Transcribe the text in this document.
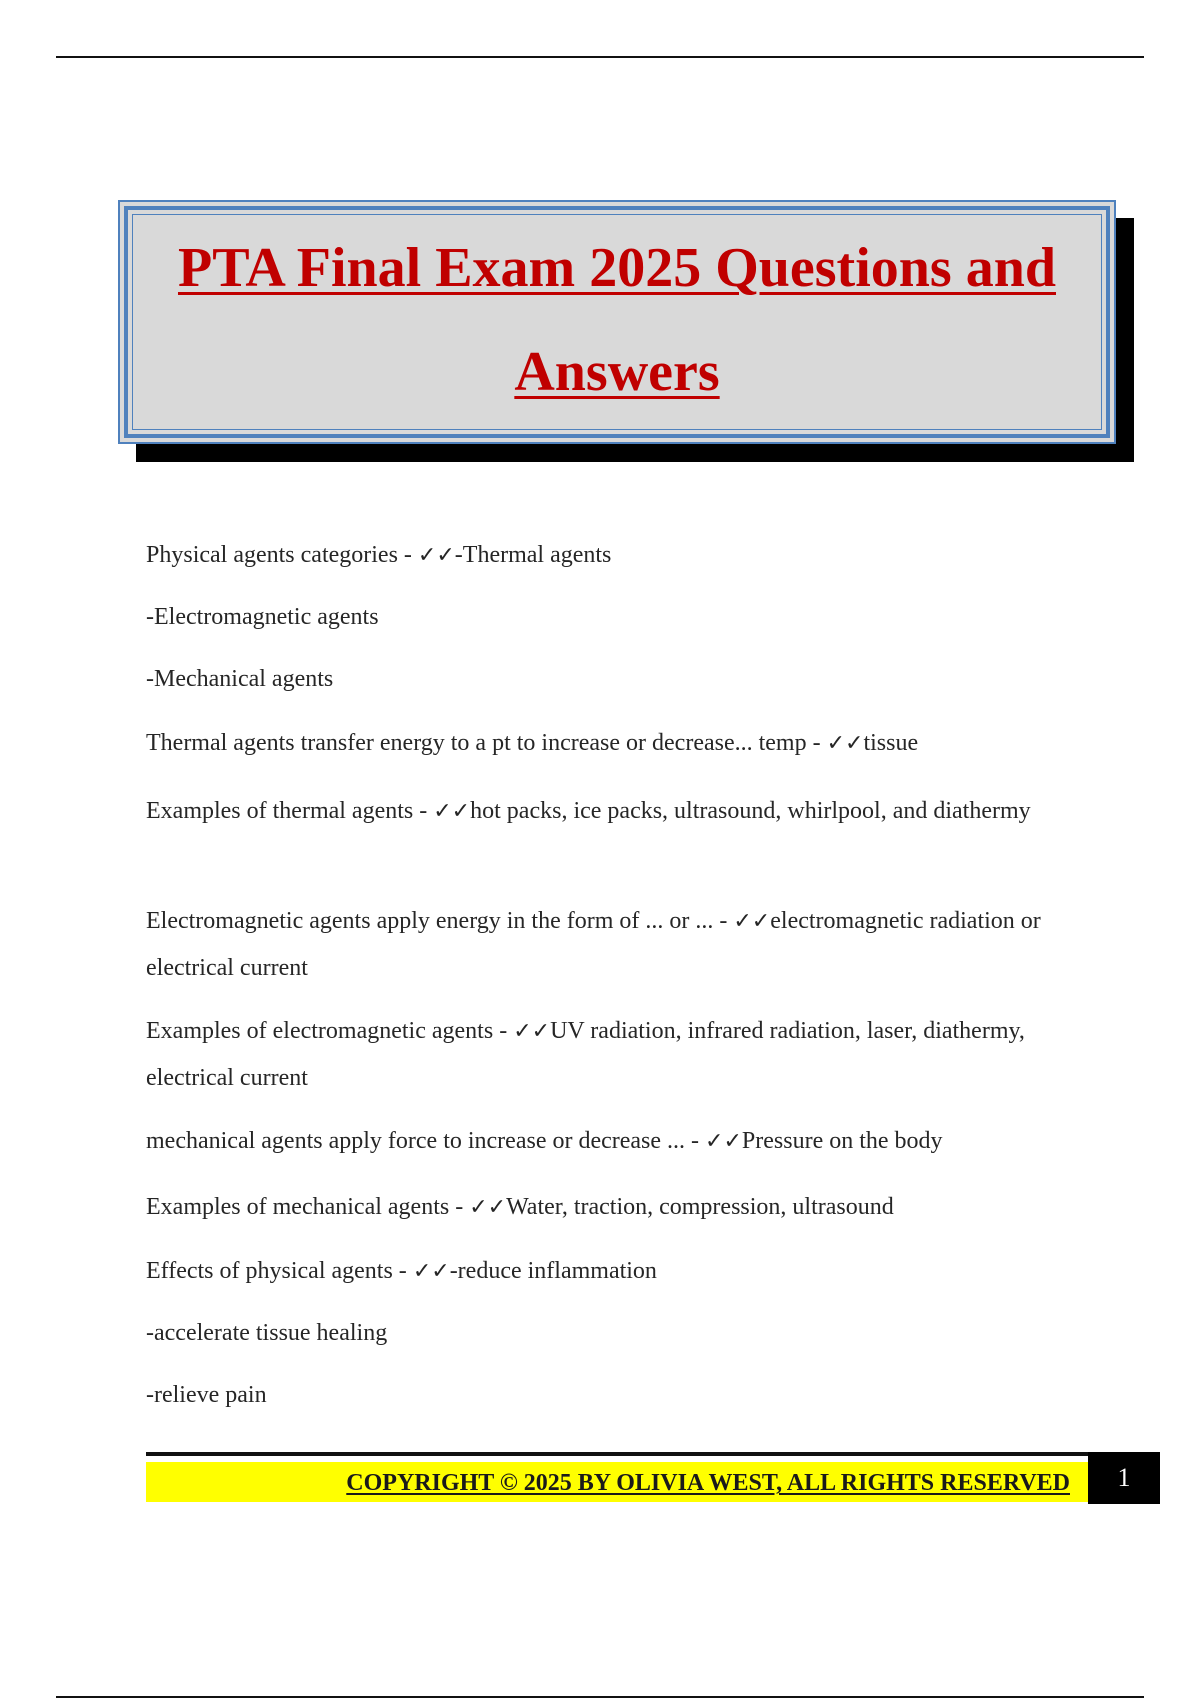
PTA Final Exam 2025 Questions and
Answers
Physical agents categories - ✓✓-Thermal agents
-Electromagnetic agents
-Mechanical agents
Thermal agents transfer energy to a pt to increase or decrease... temp - ✓✓tissue
Examples of thermal agents - ✓✓hot packs, ice packs, ultrasound, whirlpool, and diathermy
Electromagnetic agents apply energy in the form of ... or ... - ✓✓electromagnetic radiation or electrical current
Examples of electromagnetic agents - ✓✓UV radiation, infrared radiation, laser, diathermy, electrical current
mechanical agents apply force to increase or decrease ... - ✓✓Pressure on the body
Examples of mechanical agents - ✓✓Water, traction, compression, ultrasound
Effects of physical agents - ✓✓-reduce inflammation
-accelerate tissue healing
-relieve pain
COPYRIGHT © 2025 BY OLIVIA WEST, ALL RIGHTS RESERVED	1
